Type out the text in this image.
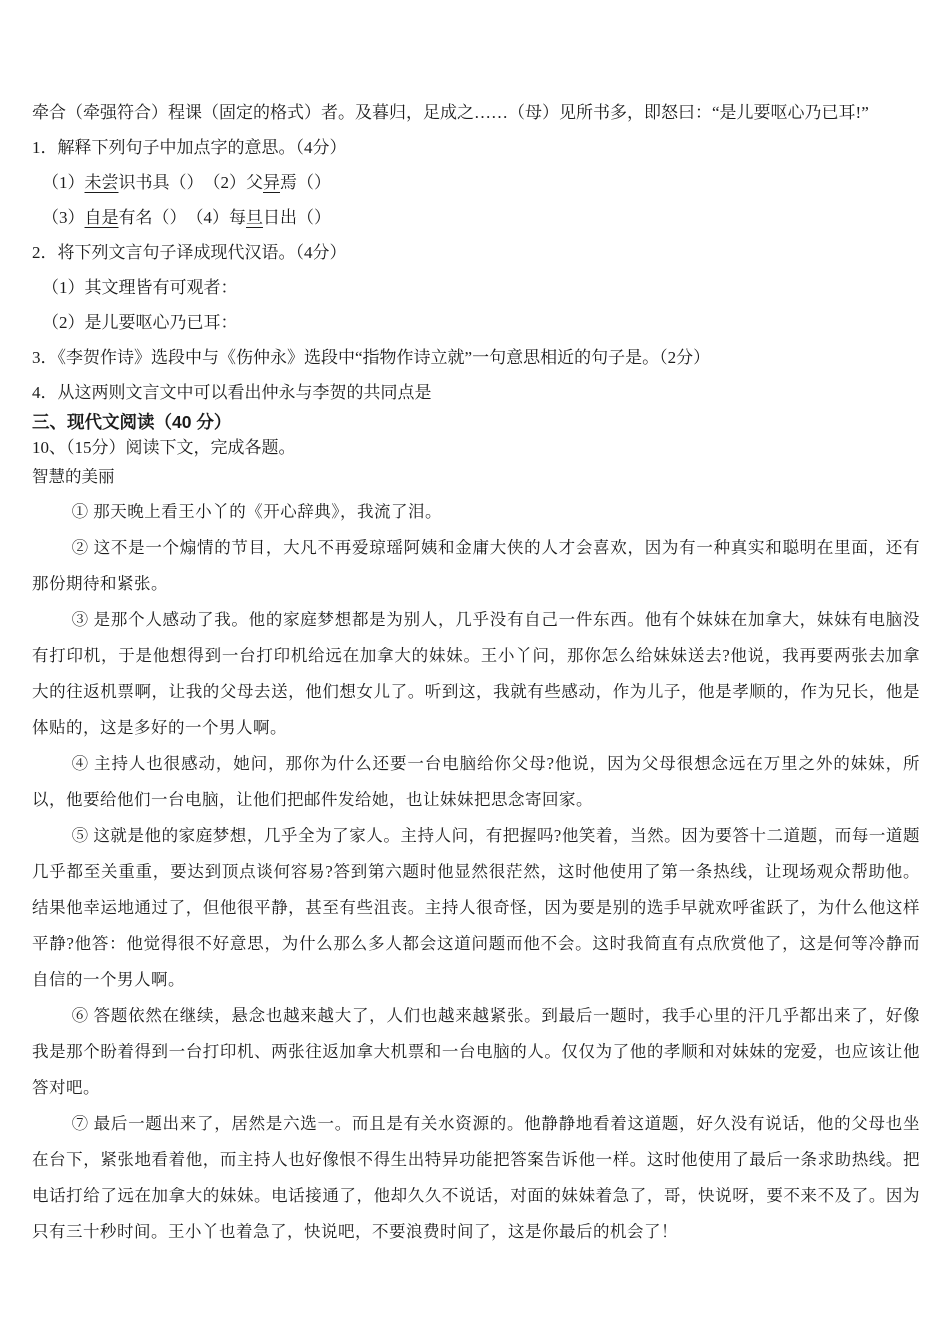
牵合（牵强符合）程课（固定的格式）者。及暮归，足成之……（母）见所书多，即怒曰：“是儿要呕心乃已耳!”

1．解释下列句子中加点字的意思。（4分）

（1）未尝识书具（）　（2）父异焉（）

（3）自是有名（）　（4）每旦日出（）

2．将下列文言句子译成现代汉语。（4分）

（1）其文理皆有可观者：

（2）是儿要呕心乃已耳：

3．《李贺作诗》选段中与《伤仲永》选段中“指物作诗立就”一句意思相近的句子是。（2分）

4．从这两则文言文中可以看出仲永与李贺的共同点是

三、现代文阅读（40 分）

10、（15分）阅读下文，完成各题。

智慧的美丽

① 那天晚上看王小丫的《开心辞典》，我流了泪。

② 这不是一个煽情的节目，大凡不再爱琼瑶阿姨和金庸大侠的人才会喜欢，因为有一种真实和聪明在里面，还有那份期待和紧张。

③ 是那个人感动了我。他的家庭梦想都是为别人，几乎没有自己一件东西。他有个妹妹在加拿大，妹妹有电脑没有打印机，于是他想得到一台打印机给远在加拿大的妹妹。王小丫问，那你怎么给妹妹送去?他说，我再要两张去加拿大的往返机票啊，让我的父母去送，他们想女儿了。听到这，我就有些感动，作为儿子，他是孝顺的，作为兄长，他是体贴的，这是多好的一个男人啊。

④ 主持人也很感动，她问，那你为什么还要一台电脑给你父母?他说，因为父母很想念远在万里之外的妹妹，所以，他要给他们一台电脑，让他们把邮件发给她，也让妹妹把思念寄回家。

⑤ 这就是他的家庭梦想，几乎全为了家人。主持人问，有把握吗?他笑着，当然。因为要答十二道题，而每一道题几乎都至关重重，要达到顶点谈何容易?答到第六题时他显然很茫然，这时他使用了第一条热线，让现场观众帮助他。结果他幸运地通过了，但他很平静，甚至有些沮丧。主持人很奇怪，因为要是别的选手早就欢呼雀跃了，为什么他这样平静?他答：他觉得很不好意思，为什么那么多人都会这道问题而他不会。这时我简直有点欣赏他了，这是何等冷静而自信的一个男人啊。

⑥ 答题依然在继续，悬念也越来越大了，人们也越来越紧张。到最后一题时，我手心里的汗几乎都出来了，好像我是那个盼着得到一台打印机、两张往返加拿大机票和一台电脑的人。仅仅为了他的孝顺和对妹妹的宠爱，也应该让他答对吧。

⑦ 最后一题出来了，居然是六选一。而且是有关水资源的。他静静地看着这道题，好久没有说话，他的父母也坐在台下，紧张地看着他，而主持人也好像恨不得生出特异功能把答案告诉他一样。这时他使用了最后一条求助热线。把电话打给了远在加拿大的妹妹。电话接通了，他却久久不说话，对面的妹妹着急了，哥，快说呀，要不来不及了。因为只有三十秒时间。王小丫也着急了，快说吧，不要浪费时间了，这是你最后的机会了！
